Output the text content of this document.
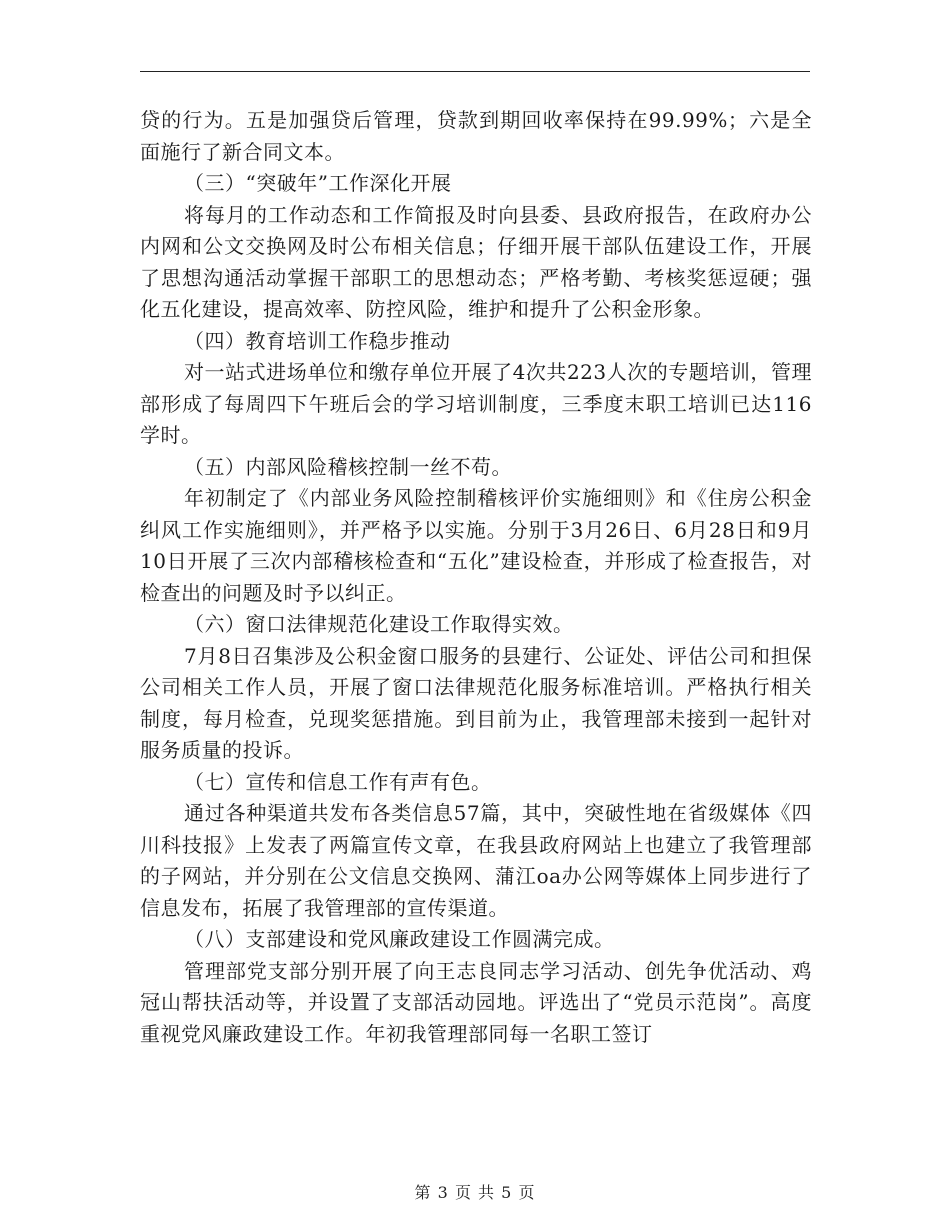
贷的行为。五是加强贷后管理，贷款到期回收率保持在99.99%；六是全面施行了新合同文本。

（三）“突破年”工作深化开展

将每月的工作动态和工作简报及时向县委、县政府报告，在政府办公内网和公文交换网及时公布相关信息；仔细开展干部队伍建设工作，开展了思想沟通活动掌握干部职工的思想动态；严格考勤、考核奖惩逗硬；强化五化建设，提高效率、防控风险，维护和提升了公积金形象。

（四）教育培训工作稳步推动

对一站式进场单位和缴存单位开展了4次共223人次的专题培训，管理部形成了每周四下午班后会的学习培训制度，三季度末职工培训已达116学时。

（五）内部风险稽核控制一丝不苟。

年初制定了《内部业务风险控制稽核评价实施细则》和《住房公积金纠风工作实施细则》，并严格予以实施。分别于3月26日、6月28日和9月10日开展了三次内部稽核检查和“五化”建设检查，并形成了检查报告，对检查出的问题及时予以纠正。

（六）窗口法律规范化建设工作取得实效。

7月8日召集涉及公积金窗口服务的县建行、公证处、评估公司和担保公司相关工作人员，开展了窗口法律规范化服务标准培训。严格执行相关制度，每月检查，兑现奖惩措施。到目前为止，我管理部未接到一起针对服务质量的投诉。

（七）宣传和信息工作有声有色。

通过各种渠道共发布各类信息57篇，其中，突破性地在省级媒体《四川科技报》上发表了两篇宣传文章，在我县政府网站上也建立了我管理部的子网站，并分别在公文信息交换网、蒲江oa办公网等媒体上同步进行了信息发布，拓展了我管理部的宣传渠道。

（八）支部建设和党风廉政建设工作圆满完成。

管理部党支部分别开展了向王志良同志学习活动、创先争优活动、鸡冠山帮扶活动等，并设置了支部活动园地。评选出了“党员示范岗”。高度重视党风廉政建设工作。年初我管理部同每一名职工签订

第 3 页 共 5 页
